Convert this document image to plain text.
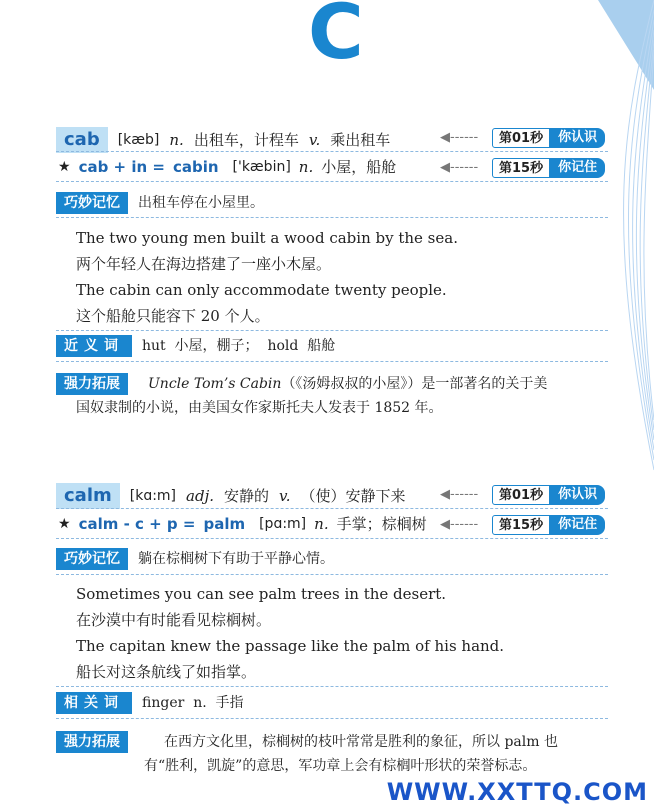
C
cab	[kæb] n. 出租车，计程车 v. 乘出租车	◀‑‑‑‑‑‑	第01秒	你认识
★ cab + in = cabin ['kæbin] n. 小屋，船舱	◀‑‑‑‑‑‑	第15秒	你记住
巧妙记忆	出租车停在小屋里。
The two young men built a wood cabin by the sea.
两个年轻人在海边搭建了一座小木屋。
The cabin can only accommodate twenty people.
这个船舱只能容下 20 个人。
近义词	hut  小屋，棚子；  hold  船舱
强力拓展	Uncle Tom’s Cabin（《汤姆叔叔的小屋》）是一部著名的关于美
国奴隶制的小说，由美国女作家斯托夫人发表于 1852 年。
calm	[kɑ:m] adj. 安静的 v. （使）安静下来	◀‑‑‑‑‑‑	第01秒	你认识
★ calm - c + p = palm [pɑ:m] n. 手掌；棕榈树 ◀‑‑‑‑‑‑	第15秒	你记住
巧妙记忆	躺在棕榈树下有助于平静心情。
Sometimes you can see palm trees in the desert.
在沙漠中有时能看见棕榈树。
The capitan knew the passage like the palm of his hand.
船长对这条航线了如指掌。
相关词	finger  n.  手指
强力拓展	在西方文化里，棕榈树的枝叶常常是胜利的象征，所以 palm 也
有“胜利，凯旋”的意思，军功章上会有棕榈叶形状的荣誉标志。
WWW.XXTTQ.COM
